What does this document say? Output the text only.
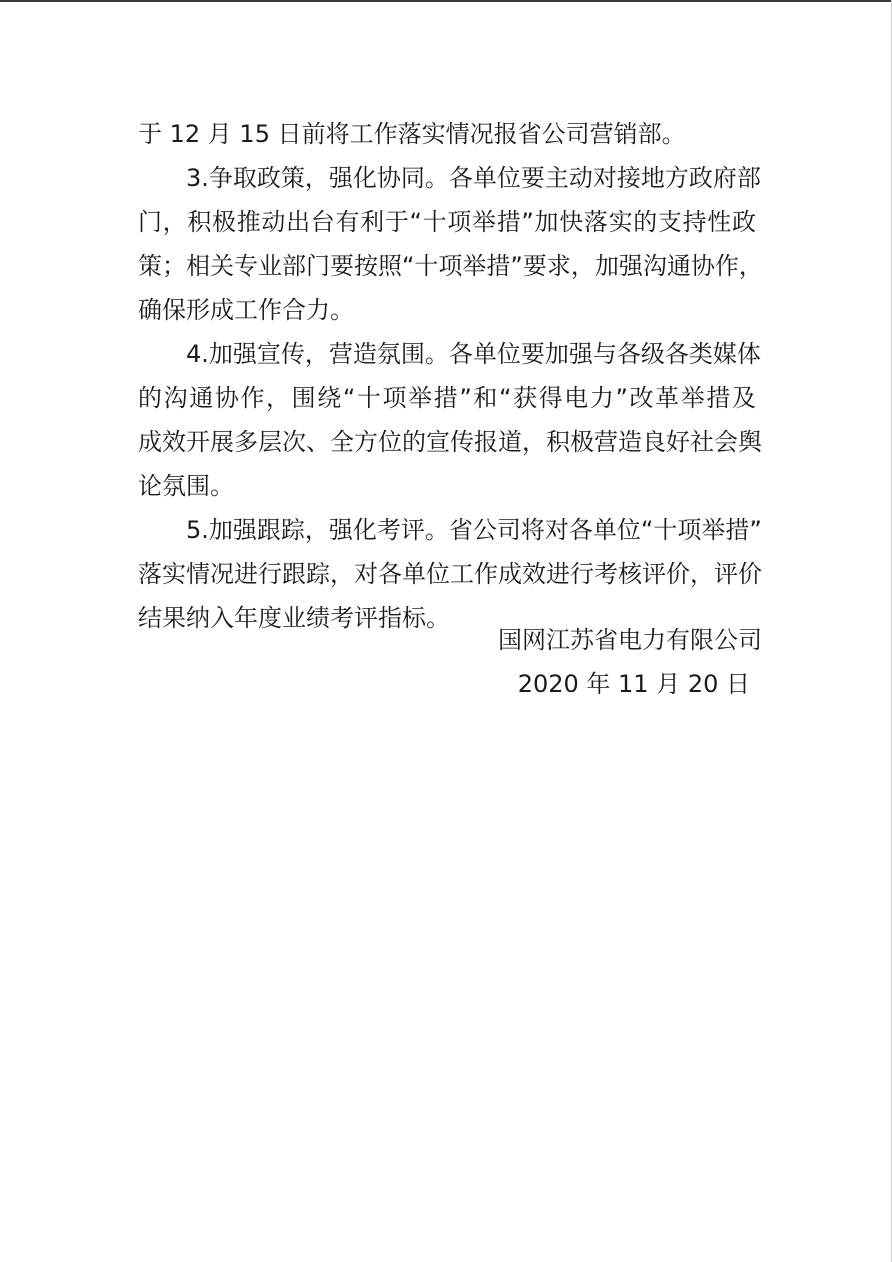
于 12 月 15 日前将工作落实情况报省公司营销部。
3.争取政策，强化协同。各单位要主动对接地方政府部
门，积极推动出台有利于“十项举措”加快落实的支持性政
策；相关专业部门要按照“十项举措”要求，加强沟通协作，
确保形成工作合力。
4.加强宣传，营造氛围。各单位要加强与各级各类媒体
的沟通协作，围绕“十项举措”和“获得电力”改革举措及
成效开展多层次、全方位的宣传报道，积极营造良好社会舆
论氛围。
5.加强跟踪，强化考评。省公司将对各单位“十项举措”
落实情况进行跟踪，对各单位工作成效进行考核评价，评价
结果纳入年度业绩考评指标。
国网江苏省电力有限公司
2020 年 11 月 20 日
